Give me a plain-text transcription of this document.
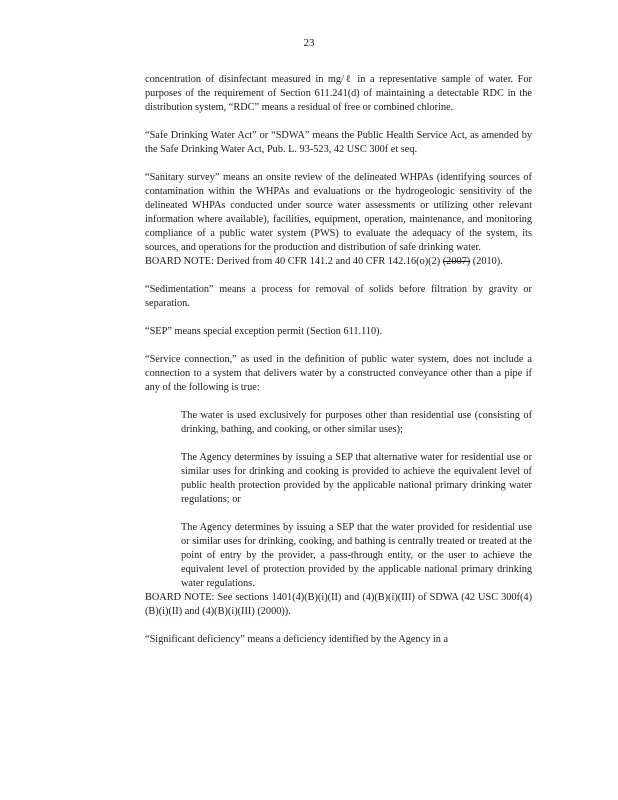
23

concentration of disinfectant measured in mg/ℓ in a representative sample of water. For purposes of the requirement of Section 611.241(d) of maintaining a detectable RDC in the distribution system, “RDC” means a residual of free or combined chlorine.

“Safe Drinking Water Act” or “SDWA” means the Public Health Service Act, as amended by the Safe Drinking Water Act, Pub. L. 93-523, 42 USC 300f et seq.

“Sanitary survey” means an onsite review of the delineated WHPAs (identifying sources of contamination within the WHPAs and evaluations or the hydrogeologic sensitivity of the delineated WHPAs conducted under source water assessments or utilizing other relevant information where available), facilities, equipment, operation, maintenance, and monitoring compliance of a public water system (PWS) to evaluate the adequacy of the system, its sources, and operations for the production and distribution of safe drinking water.

BOARD NOTE: Derived from 40 CFR 141.2 and 40 CFR 142.16(o)(2) (2007) (2010).

“Sedimentation” means a process for removal of solids before filtration by gravity or separation.

“SEP” means special exception permit (Section 611.110).

“Service connection,” as used in the definition of public water system, does not include a connection to a system that delivers water by a constructed conveyance other than a pipe if any of the following is true:

The water is used exclusively for purposes other than residential use (consisting of drinking, bathing, and cooking, or other similar uses);

The Agency determines by issuing a SEP that alternative water for residential use or similar uses for drinking and cooking is provided to achieve the equivalent level of public health protection provided by the applicable national primary drinking water regulations; or

The Agency determines by issuing a SEP that the water provided for residential use or similar uses for drinking, cooking, and bathing is centrally treated or treated at the point of entry by the provider, a pass-through entity, or the user to achieve the equivalent level of protection provided by the applicable national primary drinking water regulations.

BOARD NOTE: See sections 1401(4)(B)(i)(II) and (4)(B)(i)(III) of SDWA (42 USC 300f(4)(B)(i)(II) and (4)(B)(i)(III) (2000)).

“Significant deficiency” means a deficiency identified by the Agency in a
